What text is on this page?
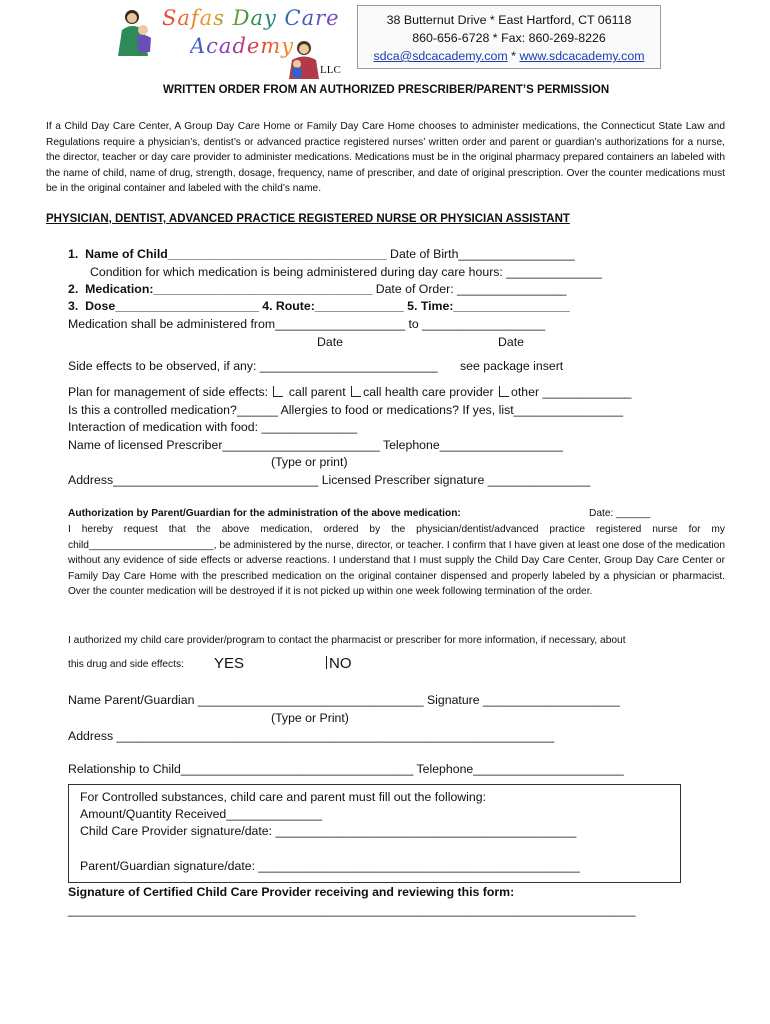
Safas Day Care
Academy
LLC
38 Butternut Drive * East Hartford, CT 06118
860-656-6728 * Fax: 860-269-8226
sdca@sdcacademy.com * www.sdcacademy.com
WRITTEN ORDER FROM AN AUTHORIZED PRESCRIBER/PARENT’S PERMISSION
If a Child Day Care Center, A Group Day Care Home or Family Day Care Home chooses to administer medications, the Connecticut State Law and Regulations require a physician’s, dentist’s or advanced practice registered nurses’ written order and parent or guardian’s authorizations for a nurse, the director, teacher or day care provider to administer medications. Medications must be in the original pharmacy prepared containers an labeled with the name of child, name of drug, strength, dosage, frequency, name of prescriber, and date of original prescription. Over the counter medications must be in the original container and labeled with the child’s name.
PHYSICIAN, DENTIST, ADVANCED PRACTICE REGISTERED NURSE OR PHYSICIAN ASSISTANT
1. Name of Child________________________________ Date of Birth_________________
Condition for which medication is being administered during day care hours: ______________
2. Medication:________________________________ Date of Order: ________________
3. Dose_____________________ 4. Route:_____________ 5. Time:_________________
Medication shall be administered from___________________ to __________________
Date	Date
Side effects to be observed, if any: __________________________ see package insert
Plan for management of side effects:  call parent call health care provider other _____________
Is this a controlled medication?______ Allergies to food or medications? If yes, list________________
Interaction of medication with food: ______________
Name of licensed Prescriber_______________________ Telephone__________________
(Type or print)
Address______________________________ Licensed Prescriber signature _______________
Authorization by Parent/Guardian for the administration of the above medication:	Date: ______
I hereby request that the above medication, ordered by the physician/dentist/advanced practice registered nurse for my child______________________, be administered by the nurse, director, or teacher. I confirm that I have given at least one dose of the medication without any evidence of side effects or adverse reactions. I understand that I must supply the Child Day Care Center, Group Day Care Center or Family Day Care Home with the prescribed medication on the original container dispensed and properly labeled by a physician or pharmacist. Over the counter medication will be destroyed if it is not picked up within one week following termination of the order.
I authorized my child care provider/program to contact the pharmacist or prescriber for more information, if necessary, about
this drug and side effects: YES	NO
Name Parent/Guardian _________________________________ Signature ____________________
(Type or Print)
Address ________________________________________________________________
Relationship to Child__________________________________ Telephone______________________
For Controlled substances, child care and parent must fill out the following:
Amount/Quantity Received______________
Child Care Provider signature/date: ____________________________________________
Parent/Guardian signature/date: _______________________________________________
Signature of Certified Child Care Provider receiving and reviewing this form:
___________________________________________________________________________________
